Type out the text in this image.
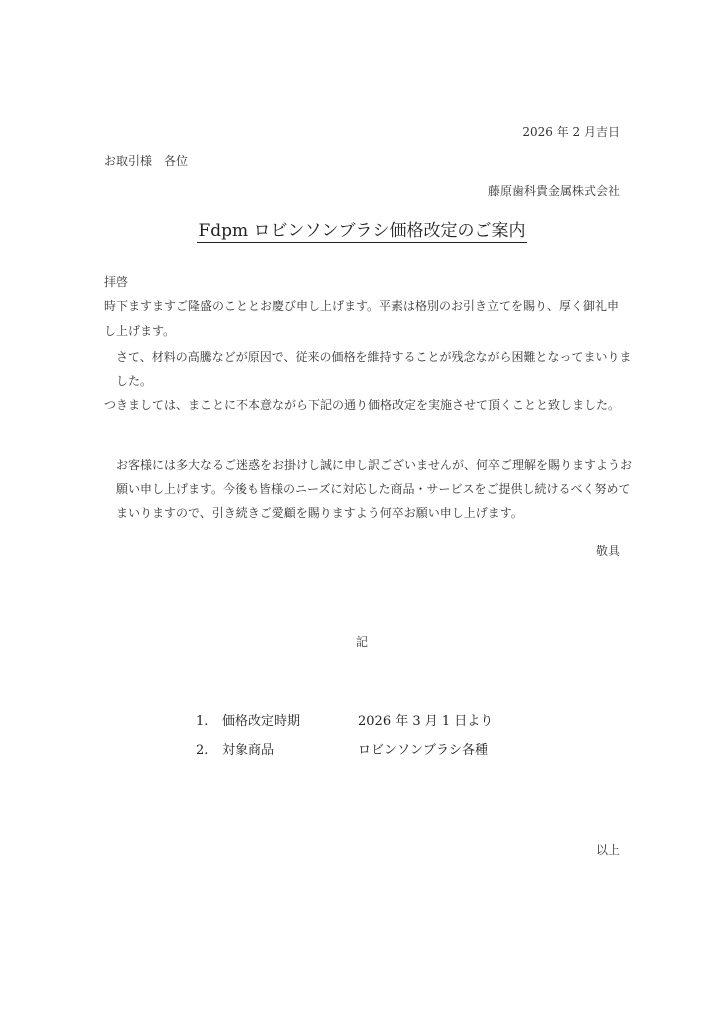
2026 年 2 月吉日
お取引様　各位
藤原歯科貴金属株式会社
Fdpm ロビンソンブラシ価格改定のご案内
拝啓
時下ますますご隆盛のこととお慶び申し上げます。平素は格別のお引き立てを賜り、厚く御礼申し上げます。
さて、材料の高騰などが原因で、従来の価格を維持することが残念ながら困難となってまいりました。
つきましては、まことに不本意ながら下記の通り価格改定を実施させて頂くことと致しました。
お客様には多大なるご迷惑をお掛けし誠に申し訳ございませんが、何卒ご理解を賜りますようお願い申し上げます。今後も皆様のニーズに対応した商品・サービスをご提供し続けるべく努めてまいりますので、引き続きご愛顧を賜りますよう何卒お願い申し上げます。
敬具
記
1. 価格改定時期	2026 年 3 月 1 日より
2. 対象商品	ロビンソンブラシ各種
以上
